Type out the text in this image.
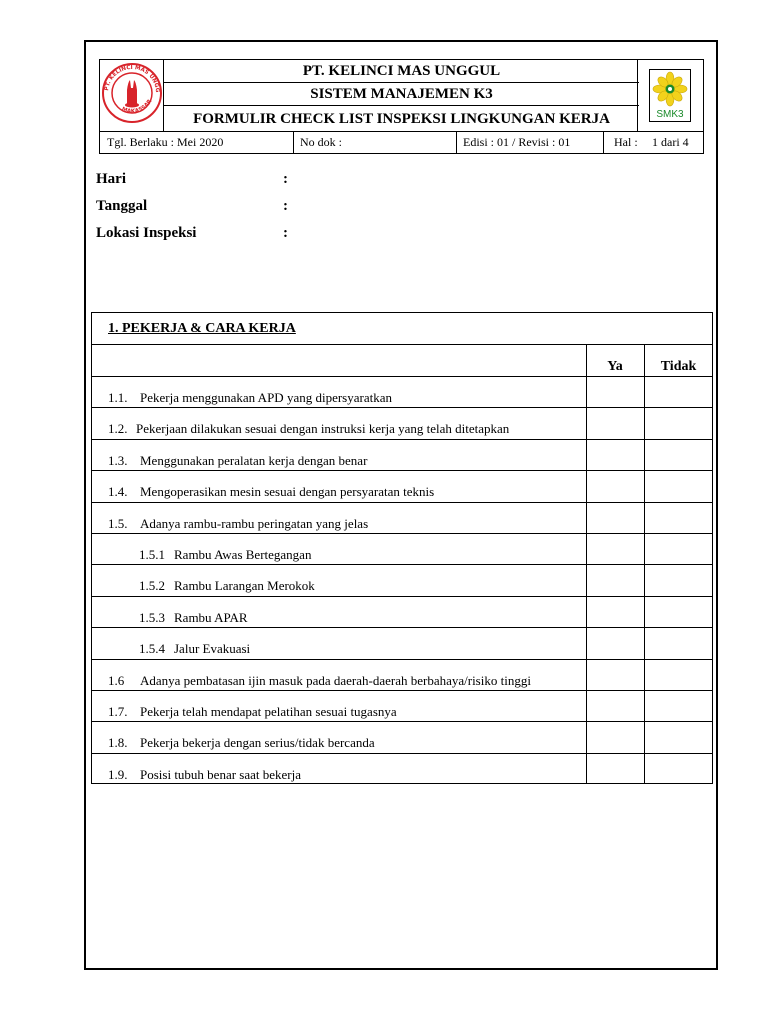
PT. KELINCI MAS UNGG
MAKASSAR
PT. KELINCI MAS UNGGUL
SISTEM MANAJEMEN K3
FORMULIR CHECK LIST INSPEKSI LINGKUNGAN KERJA	SMK3
Tgl. Berlaku : Mei 2020	No dok :	Edisi : 01 / Revisi : 01	Hal : 1 dari 4
Hari	:
Tanggal	:
Lokasi Inspeksi	:
1. PEKERJA & CARA KERJA
Ya	Tidak
1.1. Pekerja menggunakan APD yang dipersyaratkan
1.2. Pekerjaan dilakukan sesuai dengan instruksi kerja yang telah ditetapkan
1.3. Menggunakan peralatan kerja dengan benar
1.4. Mengoperasikan mesin sesuai dengan persyaratan teknis
1.5. Adanya rambu-rambu peringatan yang jelas
1.5.1 Rambu Awas Bertegangan
1.5.2 Rambu Larangan Merokok
1.5.3 Rambu APAR
1.5.4 Jalur Evakuasi
1.6 Adanya pembatasan ijin masuk pada daerah-daerah berbahaya/risiko tinggi
1.7. Pekerja telah mendapat pelatihan sesuai tugasnya
1.8. Pekerja bekerja dengan serius/tidak bercanda
1.9. Posisi tubuh benar saat bekerja
